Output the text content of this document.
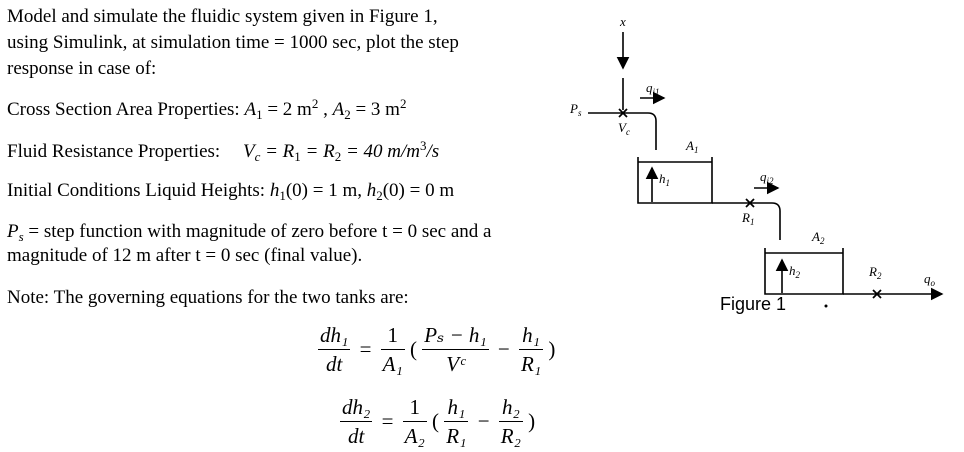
Model and simulate the fluidic system given in Figure 1,
using Simulink, at simulation time = 1000 sec, plot the step
response in case of:
Cross Section Area Properties: $A_1 = 2$ $m^2$ , $A_2 = 3$ $m^2$
Fluid Resistance Properties: $V_c = R_1 = R_2 = 40$ $m/m^3/s$
Initial Conditions Liquid Heights: $h_1(0) = 1$ m, $h_2(0) = 0$ m
$P_s$ = step function with magnitude of zero before t = 0 sec and a
magnitude of 12 m after t = 0 sec (final value).
Note: The governing equations for the two tanks are:
$\frac{\text{dh₁}}{dt} = \frac{1}{\text{A₁}}$ ( $\frac{\text{Pₛ − h₁}}{\text{Vᶜ}} - \frac{\text{h₁}}{\text{R₁}}$ )
$\frac{\text{dh₂}}{dt} = \frac{1}{\text{A₂}}$ ( $\frac{\text{h₁}}{\text{R₁}} - \frac{\text{h₂}}{\text{R₂}}$ )
x
$P_s$
$V_c$
$q_{i1}$
$A_1$
$h_1$	$q_{i2}$
$R_1$
$A_2$
$h_2$	$R_2$	$q_o$
Figure 1
